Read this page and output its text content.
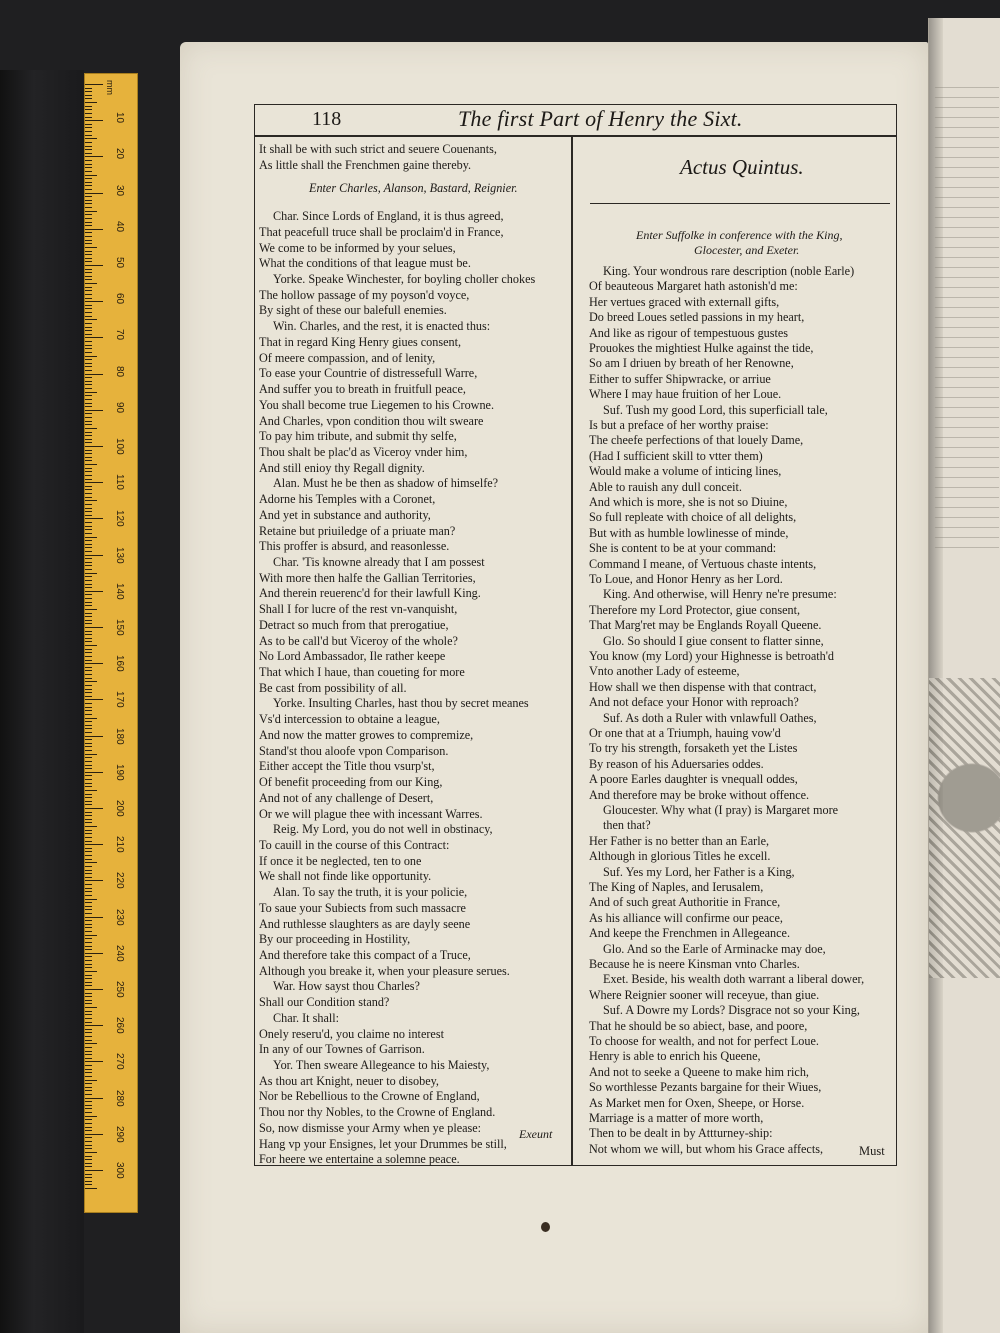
mm
10
20
30
40
50
60
70
80
90
100
110
120
130
140
150
160
170
180
190
200
210
220
230
240
250
260
270
280
290
300
118	The first Part of Henry the Sixt.
It shall be with such strict and seuere Couenants,
As little shall the Frenchmen gaine thereby.
Enter Charles, Alanson, Bastard, Reignier.
Char. Since Lords of England, it is thus agreed,
That peacefull truce shall be proclaim'd in France,
We come to be informed by your selues,
What the conditions of that league must be.
Yorke. Speake Winchester, for boyling choller chokes
The hollow passage of my poyson'd voyce,
By sight of these our balefull enemies.
Win. Charles, and the rest, it is enacted thus:
That in regard King Henry giues consent,
Of meere compassion, and of lenity,
To ease your Countrie of distressefull Warre,
And suffer you to breath in fruitfull peace,
You shall become true Liegemen to his Crowne.
And Charles, vpon condition thou wilt sweare
To pay him tribute, and submit thy selfe,
Thou shalt be plac'd as Viceroy vnder him,
And still enioy thy Regall dignity.
Alan. Must he be then as shadow of himselfe?
Adorne his Temples with a Coronet,
And yet in substance and authority,
Retaine but priuiledge of a priuate man?
This proffer is absurd, and reasonlesse.
Char. 'Tis knowne already that I am possest
With more then halfe the Gallian Territories,
And therein reuerenc'd for their lawfull King.
Shall I for lucre of the rest vn-vanquisht,
Detract so much from that prerogatiue,
As to be call'd but Viceroy of the whole?
No Lord Ambassador, Ile rather keepe
That which I haue, than coueting for more
Be cast from possibility of all.
Yorke. Insulting Charles, hast thou by secret meanes
Vs'd intercession to obtaine a league,
And now the matter growes to compremize,
Stand'st thou aloofe vpon Comparison.
Either accept the Title thou vsurp'st,
Of benefit proceeding from our King,
And not of any challenge of Desert,
Or we will plague thee with incessant Warres.
Reig. My Lord, you do not well in obstinacy,
To cauill in the course of this Contract:
If once it be neglected, ten to one
We shall not finde like opportunity.
Alan. To say the truth, it is your policie,
To saue your Subiects from such massacre
And ruthlesse slaughters as are dayly seene
By our proceeding in Hostility,
And therefore take this compact of a Truce,
Although you breake it, when your pleasure serues.
War. How sayst thou Charles?
Shall our Condition stand?
Char. It shall:
Onely reseru'd, you claime no interest
In any of our Townes of Garrison.
Yor. Then sweare Allegeance to his Maiesty,
As thou art Knight, neuer to disobey,
Nor be Rebellious to the Crowne of England,
Thou nor thy Nobles, to the Crowne of England.
So, now dismisse your Army when ye please:
Hang vp your Ensignes, let your Drummes be still,
For heere we entertaine a solemne peace.
Actus Quintus.
Enter Suffolke in conference with the King,
Glocester, and Exeter.
King. Your wondrous rare description (noble Earle)
Of beauteous Margaret hath astonish'd me:
Her vertues graced with externall gifts,
Do breed Loues setled passions in my heart,
And like as rigour of tempestuous gustes
Prouokes the mightiest Hulke against the tide,
So am I driuen by breath of her Renowne,
Either to suffer Shipwracke, or arriue
Where I may haue fruition of her Loue.
Suf. Tush my good Lord, this superficiall tale,
Is but a preface of her worthy praise:
The cheefe perfections of that louely Dame,
(Had I sufficient skill to vtter them)
Would make a volume of inticing lines,
Able to rauish any dull conceit.
And which is more, she is not so Diuine,
So full repleate with choice of all delights,
But with as humble lowlinesse of minde,
She is content to be at your command:
Command I meane, of Vertuous chaste intents,
To Loue, and Honor Henry as her Lord.
King. And otherwise, will Henry ne're presume:
Therefore my Lord Protector, giue consent,
That Marg'ret may be Englands Royall Queene.
Glo. So should I giue consent to flatter sinne,
You know (my Lord) your Highnesse is betroath'd
Vnto another Lady of esteeme,
How shall we then dispense with that contract,
And not deface your Honor with reproach?
Suf. As doth a Ruler with vnlawfull Oathes,
Or one that at a Triumph, hauing vow'd
To try his strength, forsaketh yet the Listes
By reason of his Aduersaries oddes.
A poore Earles daughter is vnequall oddes,
And therefore may be broke without offence.
Gloucester. Why what (I pray) is Margaret more
then that?
Her Father is no better than an Earle,
Although in glorious Titles he excell.
Suf. Yes my Lord, her Father is a King,
The King of Naples, and Ierusalem,
And of such great Authoritie in France,
As his alliance will confirme our peace,
And keepe the Frenchmen in Allegeance.
Glo. And so the Earle of Arminacke may doe,
Because he is neere Kinsman vnto Charles.
Exet. Beside, his wealth doth warrant a liberal dower,
Where Reignier sooner will receyue, than giue.
Suf. A Dowre my Lords? Disgrace not so your King,
That he should be so abiect, base, and poore,
To choose for wealth, and not for perfect Loue.
Henry is able to enrich his Queene,
And not to seeke a Queene to make him rich,
So worthlesse Pezants bargaine for their Wiues,
As Market men for Oxen, Sheepe, or Horse.
Marriage is a matter of more worth,
Then to be dealt in by Attturney-ship:
Not whom we will, but whom his Grace affects,
Exeunt
Must
